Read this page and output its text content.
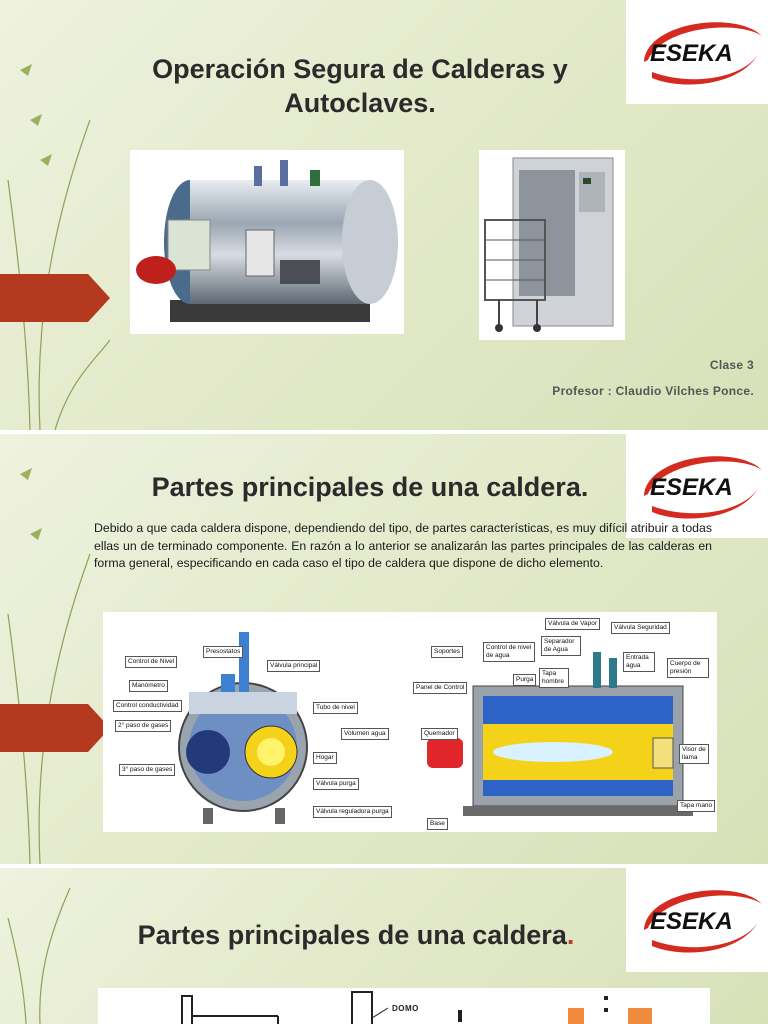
ESEKA
Operación Segura de Calderas y Autoclaves.
Clase 3
Profesor : Claudio Vilches Ponce.
ESEKA
Partes principales de una caldera.
Debido a que cada caldera dispone, dependiendo del tipo, de partes características, es muy difícil atribuir a todas ellas un de terminado componente. En razón a lo anterior se analizarán las partes principales de las calderas en forma general, especificando en cada caso el tipo de caldera que dispone de dicho elemento.
Presostatos
Control de Nivel
Válvula principal
Manómetro
Control conductividad	Tubo de nivel
2° paso de gases
Volumen agua
Hogar
3° paso de gases
Válvula purga
Válvula reguladora purga
Válvula de Vapor
Válvula Seguridad
Soportes
Control de nivel de agua
Separador de Agua
Entrada agua	Cuerpo de presión
Tapa hombre
Purga
Panel de Control
Quemador
Visor de llama
Tapa mano
Base
ESEKA
Partes principales de una caldera.
DOMO
